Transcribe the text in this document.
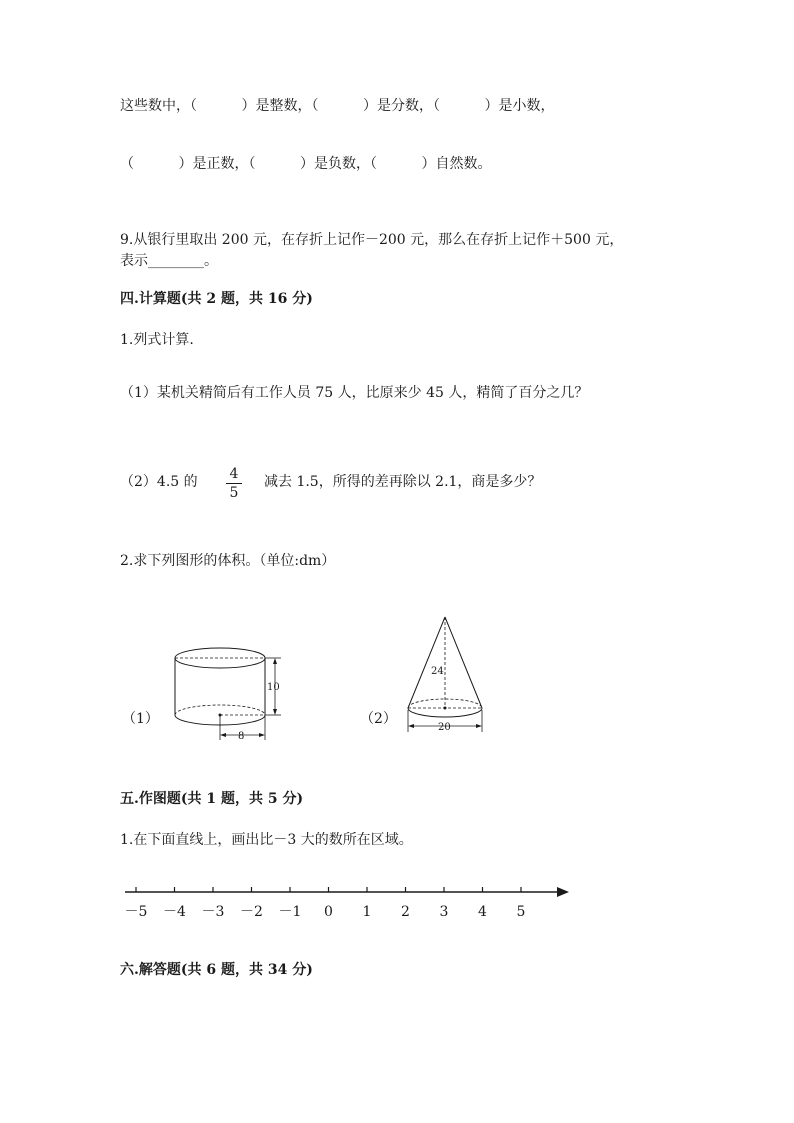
这些数中，（          ）是整数，（          ）是分数，（          ）是小数，
（          ）是正数，（          ）是负数，（          ）自然数。
9.从银行里取出 200 元，在存折上记作－200 元，那么在存折上记作＋500 元，
表示________。
四.计算题(共 2 题，共 16 分)
1.列式计算.
（1）某机关精简后有工作人员 75 人，比原来少 45 人，精简了百分之几？
（2）4.5 的 4
5
减去 1.5，所得的差再除以 2.1，商是多少？
2.求下列图形的体积。（单位:dm）
（1）
10
8
（2）
24
20
五.作图题(共 1 题，共 5 分)
1.在下面直线上，画出比－3 大的数所在区域。
－5 －4 －3 －2 －1 0 1 2 3 4 5
六.解答题(共 6 题，共 34 分)
